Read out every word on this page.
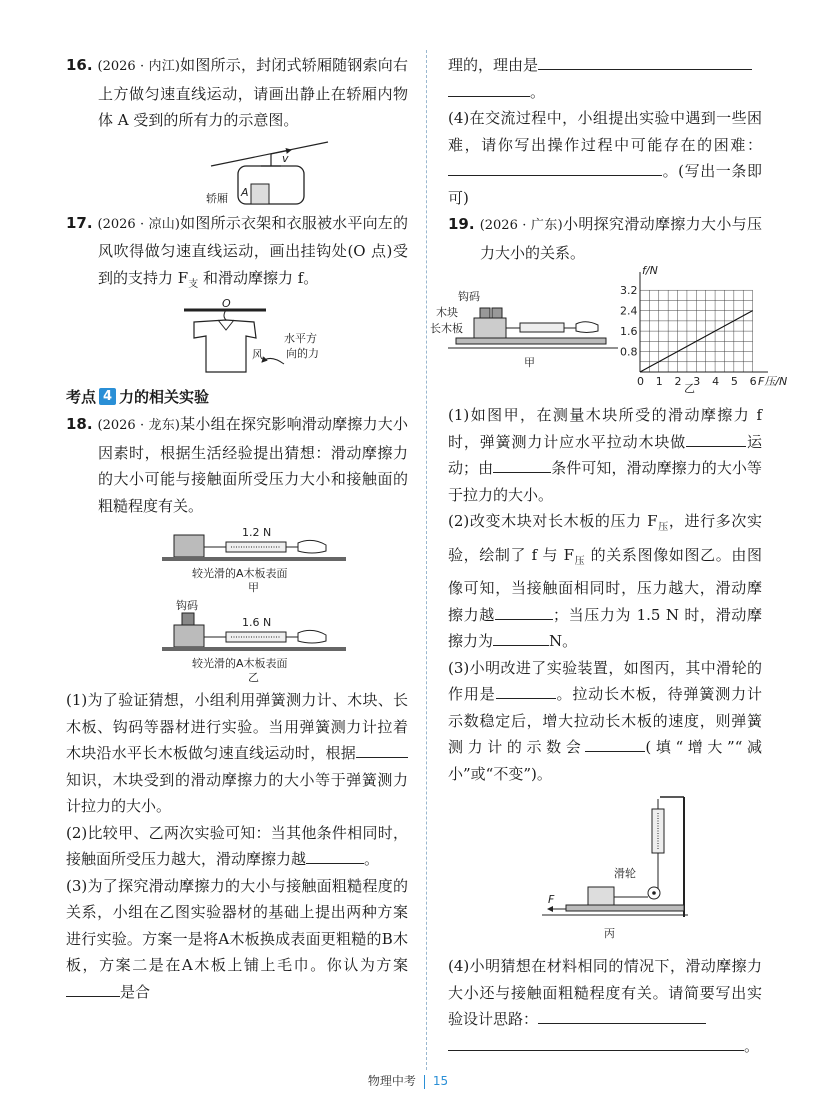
16. (2026 · 内江)如图所示，封闭式轿厢随钢索向右上方做匀速直线运动，请画出静止在轿厢内物体 A 受到的所有力的示意图。

v
A
轿厢

17. (2026 · 凉山)如图所示衣架和衣服被水平向左的风吹得做匀速直线运动，画出挂钩处(O 点)受到的支持力 $F_支$ 和滑动摩擦力 f。

O
风
水平方
向的力
考点 4 力的相关实验

18. (2026 · 龙东)某小组在探究影响滑动摩擦力大小因素时，根据生活经验提出猜想：滑动摩擦力的大小可能与接触面所受压力大小和接触面的粗糙程度有关。

1.2 N
较光滑的A木板表面
甲
钩码
1.6 N
较光滑的A木板表面
乙

(1)为了验证猜想，小组利用弹簧测力计、木块、长木板、钩码等器材进行实验。当用弹簧测力计拉着木块沿水平长木板做匀速直线运动时，根据知识，木块受到的滑动摩擦力的大小等于弹簧测力计拉力的大小。

(2)比较甲、乙两次实验可知：当其他条件相同时，接触面所受压力越大，滑动摩擦力越	。

(3)为了探究滑动摩擦力的大小与接触面粗糙程度的关系，小组在乙图实验器材的基础上提出两种方案进行实验。方案一是将A木板换成表面更粗糙的B木板，方案二是在A木板上铺上毛巾。你认为方案是合

理的，理由是
。

(4)在交流过程中，小组提出实验中遇到一些困难，请你写出操作过程中可能存在的困难：。(写出一条即可)

19. (2026 · 广东)小明探究滑动摩擦力大小与压力大小的关系。

钩码
木块
长木板
甲
0 1 2 3 4 5 6
0.8
1.6
2.4
3.2
f/N
F压/N
乙

(1)如图甲，在测量木块所受的滑动摩擦力 f 时，弹簧测力计应水平拉动木块做	运动；由	条件可知，滑动摩擦力的大小等于拉力的大小。

(2)改变木块对长木板的压力 $F_压$，进行多次实验，绘制了 f 与 $F_压$ 的关系图像如图乙。由图像可知，当接触面相同时，压力越大，滑动摩擦力越	；当压力为 1.5 N 时，滑动摩擦力为	N。

(3)小明改进了实验装置，如图丙，其中滑轮的作用是	。拉动长木板，待弹簧测力计示数稳定后，增大拉动长木板的速度，则弹簧测力计的示数会	(填“增大”“减小”或“不变”)。

滑轮
F
丙

(4)小明猜想在材料相同的情况下，滑动摩擦力大小还与接触面粗糙程度有关。请简要写出实验设计思路：
。

物理中考 15
